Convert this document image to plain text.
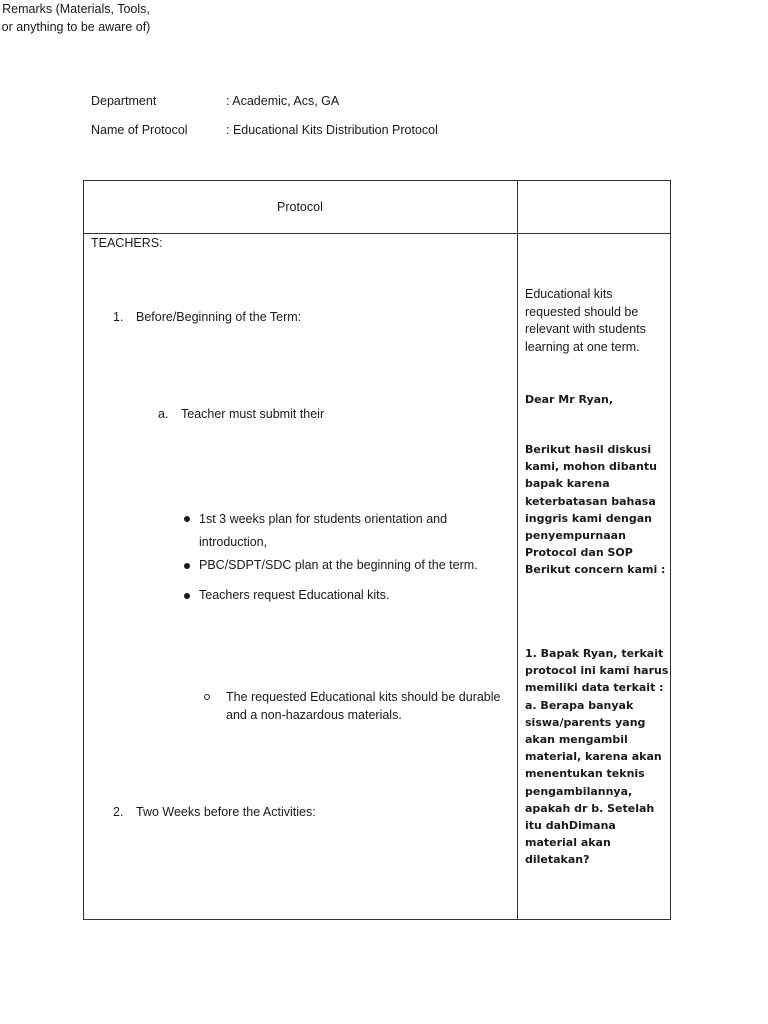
Department	: Academic, Acs, GA
Name of Protocol	: Educational Kits Distribution Protocol
Protocol
Remarks (Materials, Tools, or anything to be aware of)
TEACHERS:
1. Before/Beginning of the Term:
a. Teacher must submit their
1st 3 weeks plan for students orientation and
introduction,
PBC/SDPT/SDC plan at the beginning of the term.
Teachers request Educational kits.
The requested Educational kits should be durable
and a non-hazardous materials.
2. Two Weeks before the Activities:
Educational kits requested should be relevant with students learning at one term.
Dear Mr Ryan,
Berikut hasil diskusi kami, mohon dibantu bapak karena keterbatasan bahasa inggris kami dengan penyempurnaan Protocol dan SOP Berikut concern kami :
1. Bapak Ryan, terkait protocol ini kami harus memiliki data terkait : a. Berapa banyak siswa/parents yang akan mengambil material, karena akan menentukan teknis pengambilannya, apakah dr b. Setelah itu dahDimana material akan diletakan?
